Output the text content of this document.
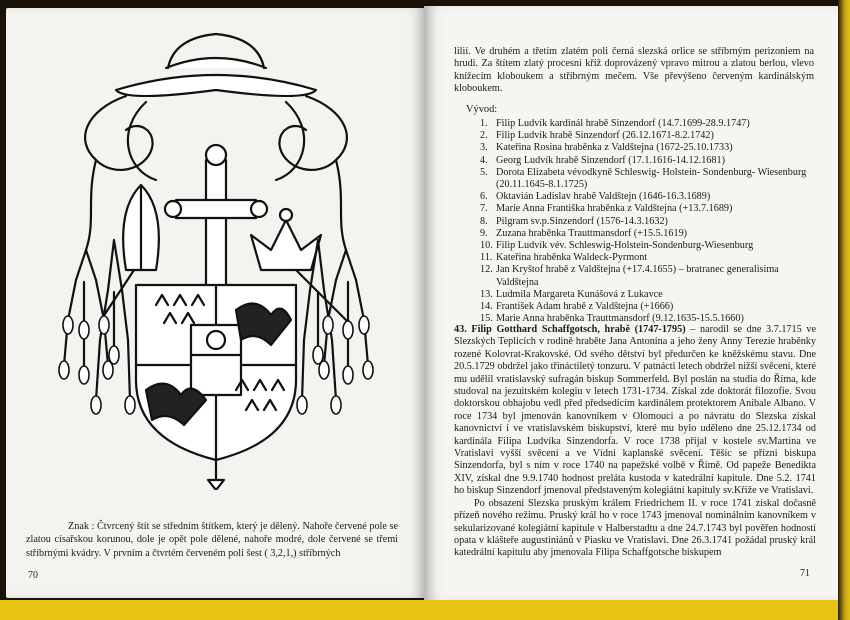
Znak : Čtvrcený štít se středním štítkem, který je dělený. Nahoře červené pole se zlatou císařskou korunou, dole je opět pole dělené, nahoře modré, dole červené se třemi stříbrnými kvádry. V prvním a čtvrtém červeném poli šest ( 3,2,1,) stříbrných

70

lilií. Ve druhém a třetím zlatém poli černá slezská orlice se stříbrným perizoniem na hrudi. Za štítem zlatý procesní kříž doprovázený vpravo mitrou a zlatou berlou, vlevo knížecím kloboukem a stříbrným mečem. Vše převýšeno červeným kardinálským kloboukem.

Vývod:
1. Filip Ludvík kardinál hrabě Sinzendorf (14.7.1699-28.9.1747)
2. Filip Ludvík hrabě Sinzendorf (26.12.1671-8.2.1742)
3. Kateřina Rosina hraběnka z Valdštejna (1672-25.10.1733)
4. Georg Ludvík hrabě Sinzendorf (17.1.1616-14.12.1681)
5. Dorota Elizabeta vévodkyně Schleswig- Holstein- Sondenburg- Wiesenburg (20.11.1645-8.1.1725)
6. Oktavián Ladislav hrabě Valdštejn (1646-16.3.1689)
7. Marie Anna Františka hraběnka z Valdštejna (+13.7.1689)
8. Pilgram sv.p.Sinzendorf (1576-14.3.1632)
9. Zuzana hraběnka Trauttmansdorf (+15.5.1619)
10. Filip Ludvík vév. Schleswig-Holstein-Sondenburg-Wiesenburg
11. Kateřina hraběnka Waldeck-Pyrmont
12. Jan Kryštof hrabě z Valdštejna (+17.4.1655) – bratranec generalisima Valdštejna
13. Ludmila Margareta Kunášová z Lukavce
14. František Adam hrabě z Valdštejna (+1666)
15. Marie Anna hraběnka Trauttmansdorf (9.12.1635-15.5.1660)

43. Filip Gotthard Schaffgotsch, hrabě (1747-1795) – narodil se dne 3.7.1715 ve Slezských Teplicích v rodině hraběte Jana Antonína a jeho ženy Anny Terezie hraběnky rozené Kolovrat-Krakovské. Od svého dětství byl předurčen ke kněžskému stavu. Dne 20.5.1729 obdržel jako třináctiletý tonzuru. V patnácti letech obdržel nižší svěcení, které mu udělil vratislavský sufragán biskup Sommerfeld. Byl poslán na studia do Říma, kde studoval na jezuitském kolegiu v letech 1731-1734. Získal zde doktorát filozofie. Svou doktorskou obhajobu vedl před předsedícím kardinálem protektorem Anibale Albano. V roce 1734 byl jmenován kanovníkem v Olomouci a po návratu do Slezska získal kanovnictví i ve vratislavském biskupství, které mu bylo uděleno dne 25.12.1734 od kardinála Filipa Ludvíka Sinzendorfa. V roce 1738 přijal v kostele sv.Martina ve Vratislavi vyšší svěcení a ve Vídni kaplanské svěcení. Těšíc se přízni biskupa Sinzendorfa, byl s ním v roce 1740 na papežské volbě v Římě. Od papeže Benedikta XIV, získal dne 9.9.1740 hodnost preláta kustoda v katedrální kapitule. Dne 5.2. 1741 ho biskup Sinzendorf jmenoval představeným kolegiátní kapituly sv.Kříže ve Vratislavi.

Po obsazení Slezska pruským králem Friedrichem II. v roce 1741 získal dočasně přízeň nového režimu. Pruský král ho v roce 1743 jmenoval nominálním kanovníkem v sekularizované kolegiátní kapitule v Halberstadtu a dne 24.7.1743 byl pověřen hodností opata v klášteře augustiniánů v Piasku ve Vratislavi. Dne 26.3.1741 požádal pruský král katedrální kapitulu aby jmenovala Filipa Schaffgotsche biskupem

71
